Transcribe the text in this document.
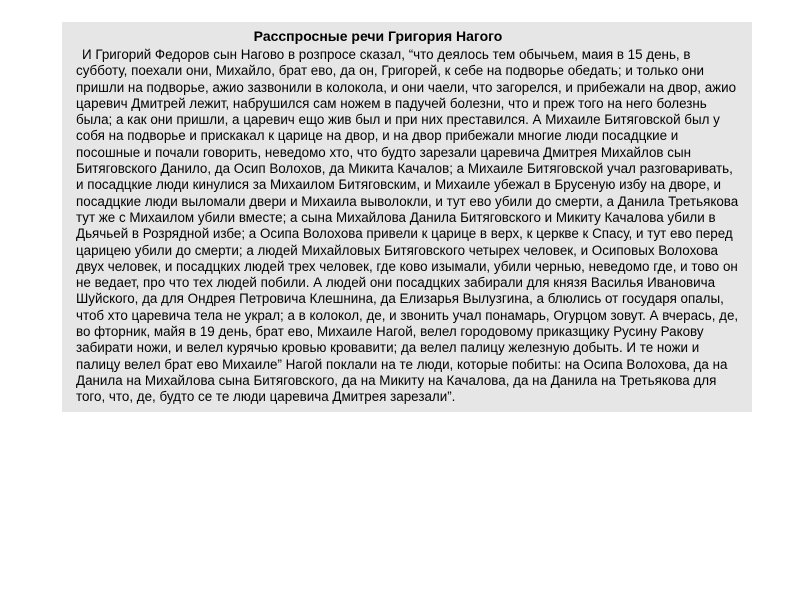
Расспросные речи Григория Нагого

И Григорий Федоров сын Нагово в розпросе сказал, “что деялось тем обычьем, маия в 15 день, в субботу, поехали они, Михайло, брат ево, да он, Григорей, к себе на подворье обедать; и только они пришли на подворье, ажио зазвонили в колокола, и они чаели, что загорелся, и прибежали на двор, ажио царевич Дмитрей лежит, набрушился сам ножем в падучей болезни, что и преж того на него болезнь была; а как они пришли, а царевич ещо жив был и при них преставился. А Михаиле Битяговской был у собя на подворье и прискакал к царице на двор, и на двор прибежали многие люди посадцкие и посошные и почали говорить, неведомо хто, что будто зарезали царевича Дмитрея Михайлов сын Битяговского Данило, да Осип Волохов, да Микита Качалов; а Михаиле Битяговской учал разговаривать, и посадцкие люди кинулися за Михаилом Битяговским, и Михаиле убежал в Брусеную избу на дворе, и посадцкие люди выломали двери и Михаила выволокли, и тут ево убили до смерти, а Данила Третьякова тут же с Михаилом убили вместе; а сына Михайлова Данила Битяговского и Микиту Качалова убили в Дьячьей в Розрядной избе; а Осипа Волохова привели к царице в верх, к церкве к Спасу, и тут ево перед царицею убили до смерти; а людей Михайловых Битяговского четырех человек, и Осиповых Волохова двух человек, и посадцких людей трех человек, где ково изымали, убили чернью, неведомо где, и тово он не ведает, про что тех людей побили. А людей они посадцких забирали для князя Василья Ивановича Шуйского, да для Ондрея Петровича Клешнина, да Елизарья Вылузгина, а блюлись от государя опалы, чтоб хто царевича тела не украл; а в колокол, де, и звонить учал понамарь, Огурцом зовут. А вчерась, де, во фторник, майя в 19 день, брат ево, Михаиле Нагой, велел городовому приказщику Русину Ракову забирати ножи, и велел курячью кровью кровавити; да велел палицу железную добыть. И те ножи и палицу велел брат ево Михаиле” Нагой поклали на те люди, которые побиты: на Осипа Волохова, да на Данила на Михайлова сына Битяговского, да на Микиту на Качалова, да на Данила на Третьякова для того, что, де, будто се те люди царевича Дмитрея зарезали”.
